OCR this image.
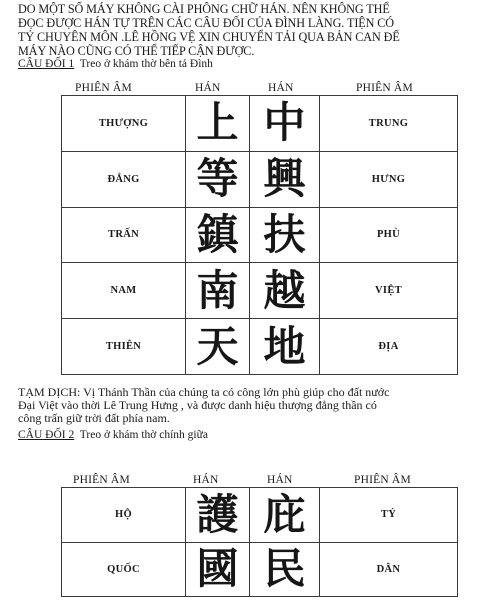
DO MỘT SỐ MÁY KHÔNG CÀI PHÔNG CHỮ HÁN. NÊN KHÔNG THỂ

ĐỌC ĐƯỢC HÁN TỰ TRÊN CÁC CÂU ĐỐI CỦA ĐÌNH LÀNG. TIỆN CÓ

TỶ CHUYÊN MÔN .LÊ HỒNG VỆ XIN CHUYỂN TẢI QUA BẢN CAN ĐỂ

MÁY NÀO CŨNG CÓ THỂ TIẾP CẬN ĐƯỢC.

CÂU ĐỐI 1 Treo ở khám thờ bên tả Đình
PHIÊN ÂM	HÁN	HÁN	PHIÊN ÂM
THƯỢNG	上	中	TRUNG
ĐẲNG	等	興	HƯNG
TRẤN	鎮	扶	PHÙ
NAM	南	越	VIỆT
THIÊN	天	地	ĐỊA

TẠM DỊCH: Vị Thánh Thần của chúng ta có công lớn phù giúp cho đất nước

Đại Việt vào thời Lê Trung Hưng , và được danh hiệu thượng đẳng thần có

công trấn giữ trời đất phía nam.

CÂU ĐỐI 2 Treo ở khám thờ chính giữa
PHIÊN ÂM	HÁN	HÁN	PHIÊN ÂM
HỘ	護	庇	TÝ
QUỐC	國	民	DÂN
